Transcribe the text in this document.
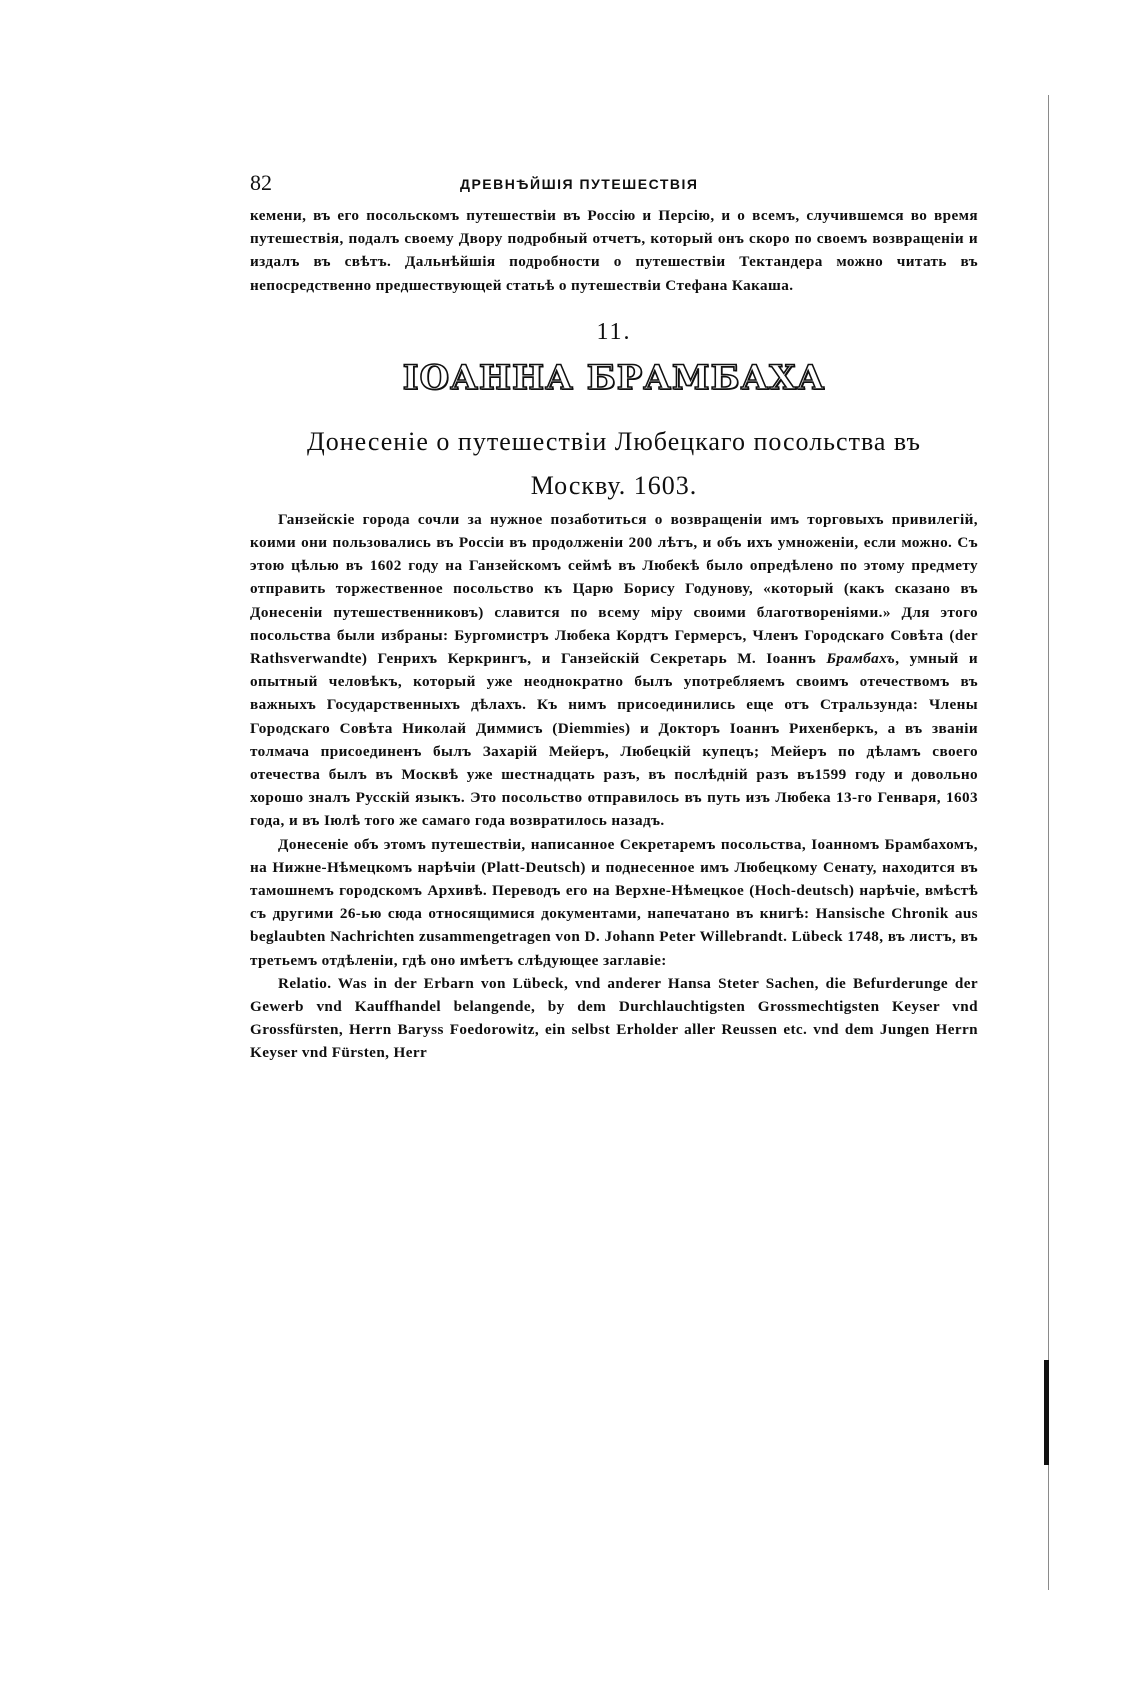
82	ДРЕВНѢЙШІЯ ПУТЕШЕСТВІЯ

кемени, въ его посольскомъ путешествіи въ Россію и Персію, и о всемъ, случившемся во время путешествія, подалъ своему Двору подробный отчетъ, который онъ скоро по своемъ возвращеніи и издалъ въ свѣтъ. Дальнѣйшія подробности о путешествіи Тектандера можно читать въ непосредственно предшествующей статьѣ о путешествіи Стефана Какаша.

11.
ІОАННА БРАМБАХА
Донесеніе о путешествіи Любецкаго посольства въ
Москву. 1603.

Ганзейскіе города сочли за нужное позаботиться о возвращеніи имъ торговыхъ привилегій, коими они пользовались въ Россіи въ продолженіи 200 лѣтъ, и объ ихъ умноженіи, если можно. Съ этою цѣлью въ 1602 году на Ганзейскомъ сеймѣ въ Любекѣ было опредѣлено по этому предмету отправить торжественное посольство къ Царю Борису Годунову, «который (какъ сказано въ Донесеніи путешественниковъ) славится по всему міру своими благотвореніями.» Для этого посольства были избраны: Бургомистръ Любека Кордтъ Гермерсъ, Членъ Городскаго Совѣта (der Rathsverwandte) Генрихъ Керкрингъ, и Ганзейскій Секретарь М. Іоаннъ Брамбахъ, умный и опытный человѣкъ, который уже неоднократно былъ употребляемъ своимъ отечествомъ въ важныхъ Государственныхъ дѣлахъ. Къ нимъ присоединились еще отъ Стральзунда: Члены Городскаго Совѣта Николай Диммисъ (Diemmies) и Докторъ Іоаннъ Рихенберкъ, а въ званіи толмача присоединенъ былъ Захарій Мейеръ, Любецкій купецъ; Мейеръ по дѣламъ своего отечества былъ въ Москвѣ уже шестнадцать разъ, въ послѣдній разъ въ1599 году и довольно хорошо зналъ Русскій языкъ. Это посольство отправилось въ путь изъ Любека 13-го Генваря, 1603 года, и въ Іюлѣ того же самаго года возвратилось назадъ.

Донесеніе объ этомъ путешествіи, написанное Секретаремъ посольства, Іоанномъ Брамбахомъ, на Нижне-Нѣмецкомъ нарѣчіи (Platt-Deutsch) и поднесенное имъ Любецкому Сенату, находится въ тамошнемъ городскомъ Архивѣ. Переводъ его на Верхне-Нѣмецкое (Hoch-deutsch) нарѣчіе, вмѣстѣ съ другими 26-ью сюда относящимися документами, напечатано въ книгѣ: Hansische Chronik aus beglaubten Nachrichten zusammengetragen von D. Johann Peter Willebrandt. Lübeck 1748, въ листъ, въ третьемъ отдѣленіи, гдѣ оно имѣетъ слѣдующее заглавіе:

Relatio. Was in der Erbarn von Lübeck, vnd anderer Hansa Steter Sachen, die Befurderunge der Gewerb vnd Kauffhandel belangende, by dem Durchlauchtigsten Grossmechtigsten Keyser vnd Grossfürsten, Herrn Baryss Foedorowitz, ein selbst Erholder aller Reussen etc. vnd dem Jungen Herrn Keyser vnd Fürsten, Herr
